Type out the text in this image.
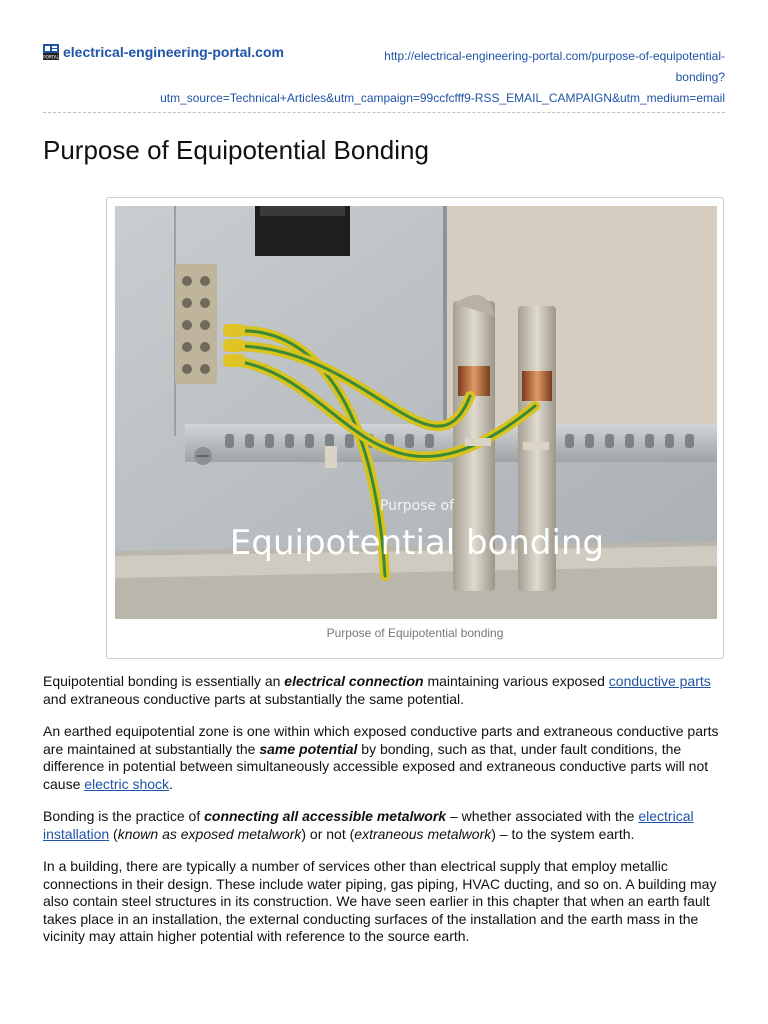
PORTAL electrical-engineering-portal.com	http://electrical-engineering-portal.com/purpose-of-equipotential-
bonding?
utm_source=Technical+Articles&utm_campaign=99ccfcfff9-RSS_EMAIL_CAMPAIGN&utm_medium=email
Purpose of Equipotential Bonding
Purpose of
Equipotential bonding
Purpose of Equipotential bonding

Equipotential bonding is essentially an electrical connection maintaining various exposed conductive parts and extraneous conductive parts at substantially the same potential.

An earthed equipotential zone is one within which exposed conductive parts and extraneous conductive parts are maintained at substantially the same potential by bonding, such as that, under fault conditions, the difference in potential between simultaneously accessible exposed and extraneous conductive parts will not cause electric shock.

Bonding is the practice of connecting all accessible metalwork – whether associated with the electrical installation (known as exposed metalwork) or not (extraneous metalwork) – to the system earth.

In a building, there are typically a number of services other than electrical supply that employ metallic connections in their design. These include water piping, gas piping, HVAC ducting, and so on. A building may also contain steel structures in its construction. We have seen earlier in this chapter that when an earth fault takes place in an installation, the external conducting surfaces of the installation and the earth mass in the vicinity may attain higher potential with reference to the source earth.
